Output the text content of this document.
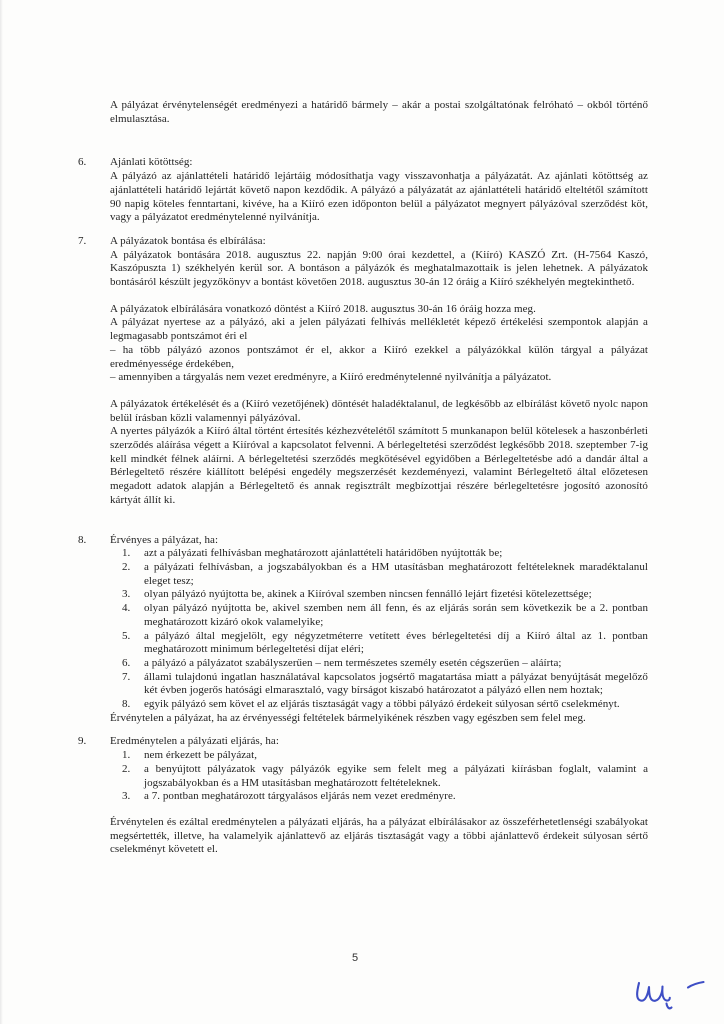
A pályázat érvénytelenségét eredményezi a határidő bármely – akár a postai szolgáltatónak felróható – okból történő elmulasztása.

6.	Ajánlati kötöttség:

A pályázó az ajánlattételi határidő lejártáig módosíthatja vagy visszavonhatja a pályázatát. Az ajánlati kötöttség az ajánlattételi határidő lejártát követő napon kezdődik. A pályázó a pályázatát az ajánlattételi határidő elteltétől számított 90 napig köteles fenntartani, kivéve, ha a Kiíró ezen időponton belül a pályázatot megnyert pályázóval szerződést köt, vagy a pályázatot eredménytelenné nyilvánítja.

7.	A pályázatok bontása és elbírálása:

A pályázatok bontására 2018. augusztus 22. napján 9:00 órai kezdettel, a (Kiíró) KASZÓ Zrt. (H-7564 Kaszó, Kaszópuszta 1) székhelyén kerül sor. A bontáson a pályázók és meghatalmazottaik is jelen lehetnek. A pályázatok bontásáról készült jegyzőkönyv a bontást követően 2018. augusztus 30-án 12 óráig a Kiíró székhelyén megtekinthető.

A pályázatok elbírálására vonatkozó döntést a Kiíró 2018. augusztus 30-án 16 óráig hozza meg.

A pályázat nyertese az a pályázó, aki a jelen pályázati felhívás mellékletét képező értékelési szempontok alapján a legmagasabb pontszámot éri el

– ha több pályázó azonos pontszámot ér el, akkor a Kiíró ezekkel a pályázókkal külön tárgyal a pályázat eredményessége érdekében,

– amennyiben a tárgyalás nem vezet eredményre, a Kiíró eredménytelenné nyilvánítja a pályázatot.

A pályázatok értékelését és a (Kiíró vezetőjének) döntését haladéktalanul, de legkésőbb az elbírálást követő nyolc napon belül írásban közli valamennyi pályázóval.

A nyertes pályázók a Kiíró által történt értesítés kézhezvételétől számított 5 munkanapon belül kötelesek a haszonbérleti szerződés aláírása végett a Kiíróval a kapcsolatot felvenni. A bérlegeltetési szerződést legkésőbb 2018. szeptember 7-ig kell mindkét félnek aláírni. A bérlegeltetési szerződés megkötésével egyidőben a Bérlegeltetésbe adó a dandár által a Bérlegeltető részére kiállított belépési engedély megszerzését kezdeményezi, valamint Bérlegeltető által előzetesen megadott adatok alapján a Bérlegeltető és annak regisztrált megbízottjai részére bérlegeltetésre jogosító azonosító kártyát állít ki.

8.	Érvényes a pályázat, ha:

1.	azt a pályázati felhívásban meghatározott ajánlattételi határidőben nyújtották be;
2.	a pályázati felhívásban, a jogszabályokban és a HM utasításban meghatározott feltételeknek maradéktalanul eleget tesz;
3.	olyan pályázó nyújtotta be, akinek a Kiíróval szemben nincsen fennálló lejárt fizetési kötelezettsége;
4.	olyan pályázó nyújtotta be, akivel szemben nem áll fenn, és az eljárás során sem következik be a 2. pontban meghatározott kizáró okok valamelyike;
5.	a pályázó által megjelölt, egy négyzetméterre vetített éves bérlegeltetési díj a Kiíró által az 1. pontban meghatározott minimum bérlegeltetési díjat eléri;
6.	a pályázó a pályázatot szabályszerűen – nem természetes személy esetén cégszerűen – aláírta;
7.	állami tulajdonú ingatlan használatával kapcsolatos jogsértő magatartása miatt a pályázat benyújtását megelőző két évben jogerős hatósági elmarasztaló, vagy bírságot kiszabó határozatot a pályázó ellen nem hoztak;
8.	egyik pályázó sem követ el az eljárás tisztaságát vagy a többi pályázó érdekeit súlyosan sértő cselekményt.

Érvénytelen a pályázat, ha az érvényességi feltételek bármelyikének részben vagy egészben sem felel meg.

9.	Eredménytelen a pályázati eljárás, ha:

1.	nem érkezett be pályázat,
2.	a benyújtott pályázatok vagy pályázók egyike sem felelt meg a pályázati kiírásban foglalt, valamint a jogszabályokban és a HM utasításban meghatározott feltételeknek.
3.	a 7. pontban meghatározott tárgyalásos eljárás nem vezet eredményre.

Érvénytelen és ezáltal eredménytelen a pályázati eljárás, ha a pályázat elbírálásakor az összeférhetetlenségi szabályokat megsértették, illetve, ha valamelyik ajánlattevő az eljárás tisztaságát vagy a többi ajánlattevő érdekeit súlyosan sértő cselekményt követett el.

5
